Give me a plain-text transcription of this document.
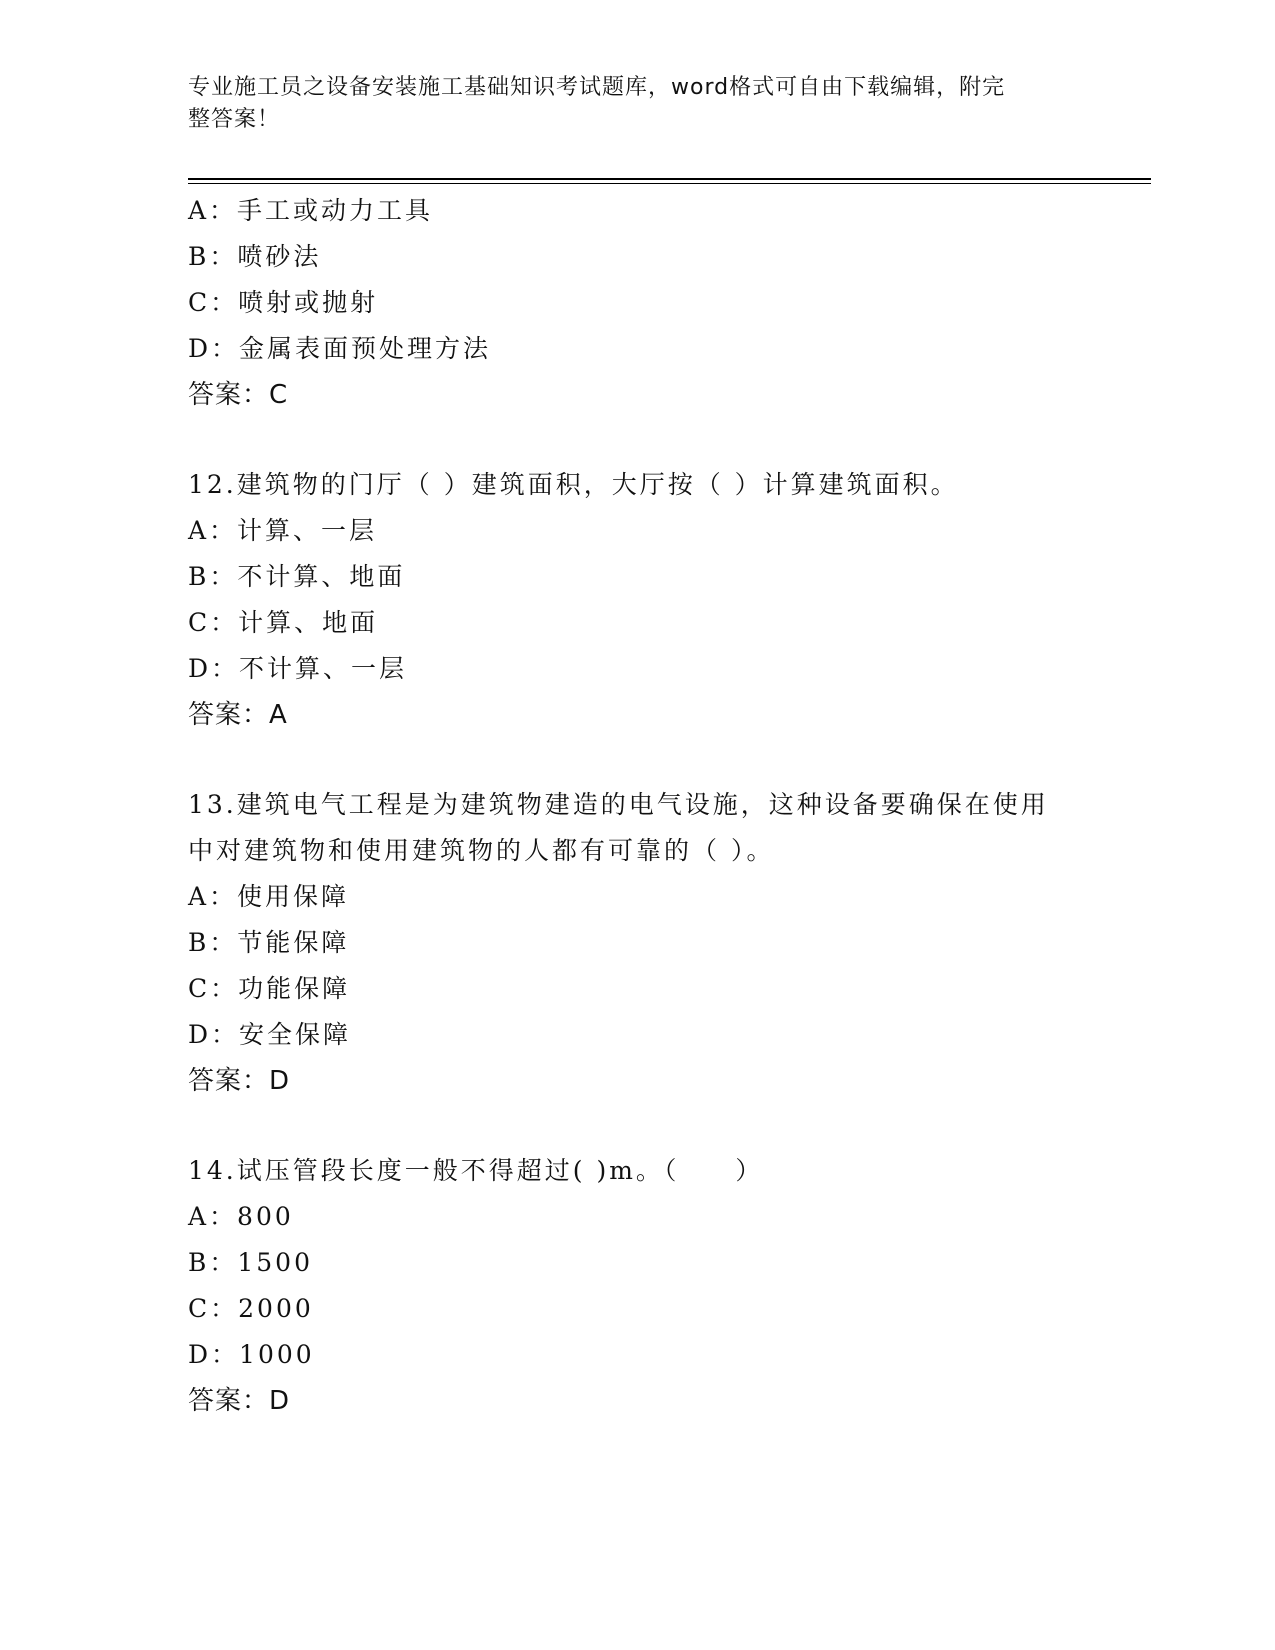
专业施工员之设备安装施工基础知识考试题库，word格式可自由下载编辑，附完
整答案！
A：手工或动力工具
B：喷砂法
C：喷射或抛射
D：金属表面预处理方法
答案：C
12.建筑物的门厅（ ）建筑面积，大厅按（ ）计算建筑面积。
A：计算、一层
B：不计算、地面
C：计算、地面
D：不计算、一层
答案：A
13.建筑电气工程是为建筑物建造的电气设施，这种设备要确保在使用
中对建筑物和使用建筑物的人都有可靠的（ ）。
A：使用保障
B：节能保障
C：功能保障
D：安全保障
答案：D
14.试压管段长度一般不得超过( )m。（　　）
A：800
B：1500
C：2000
D：1000
答案：D
